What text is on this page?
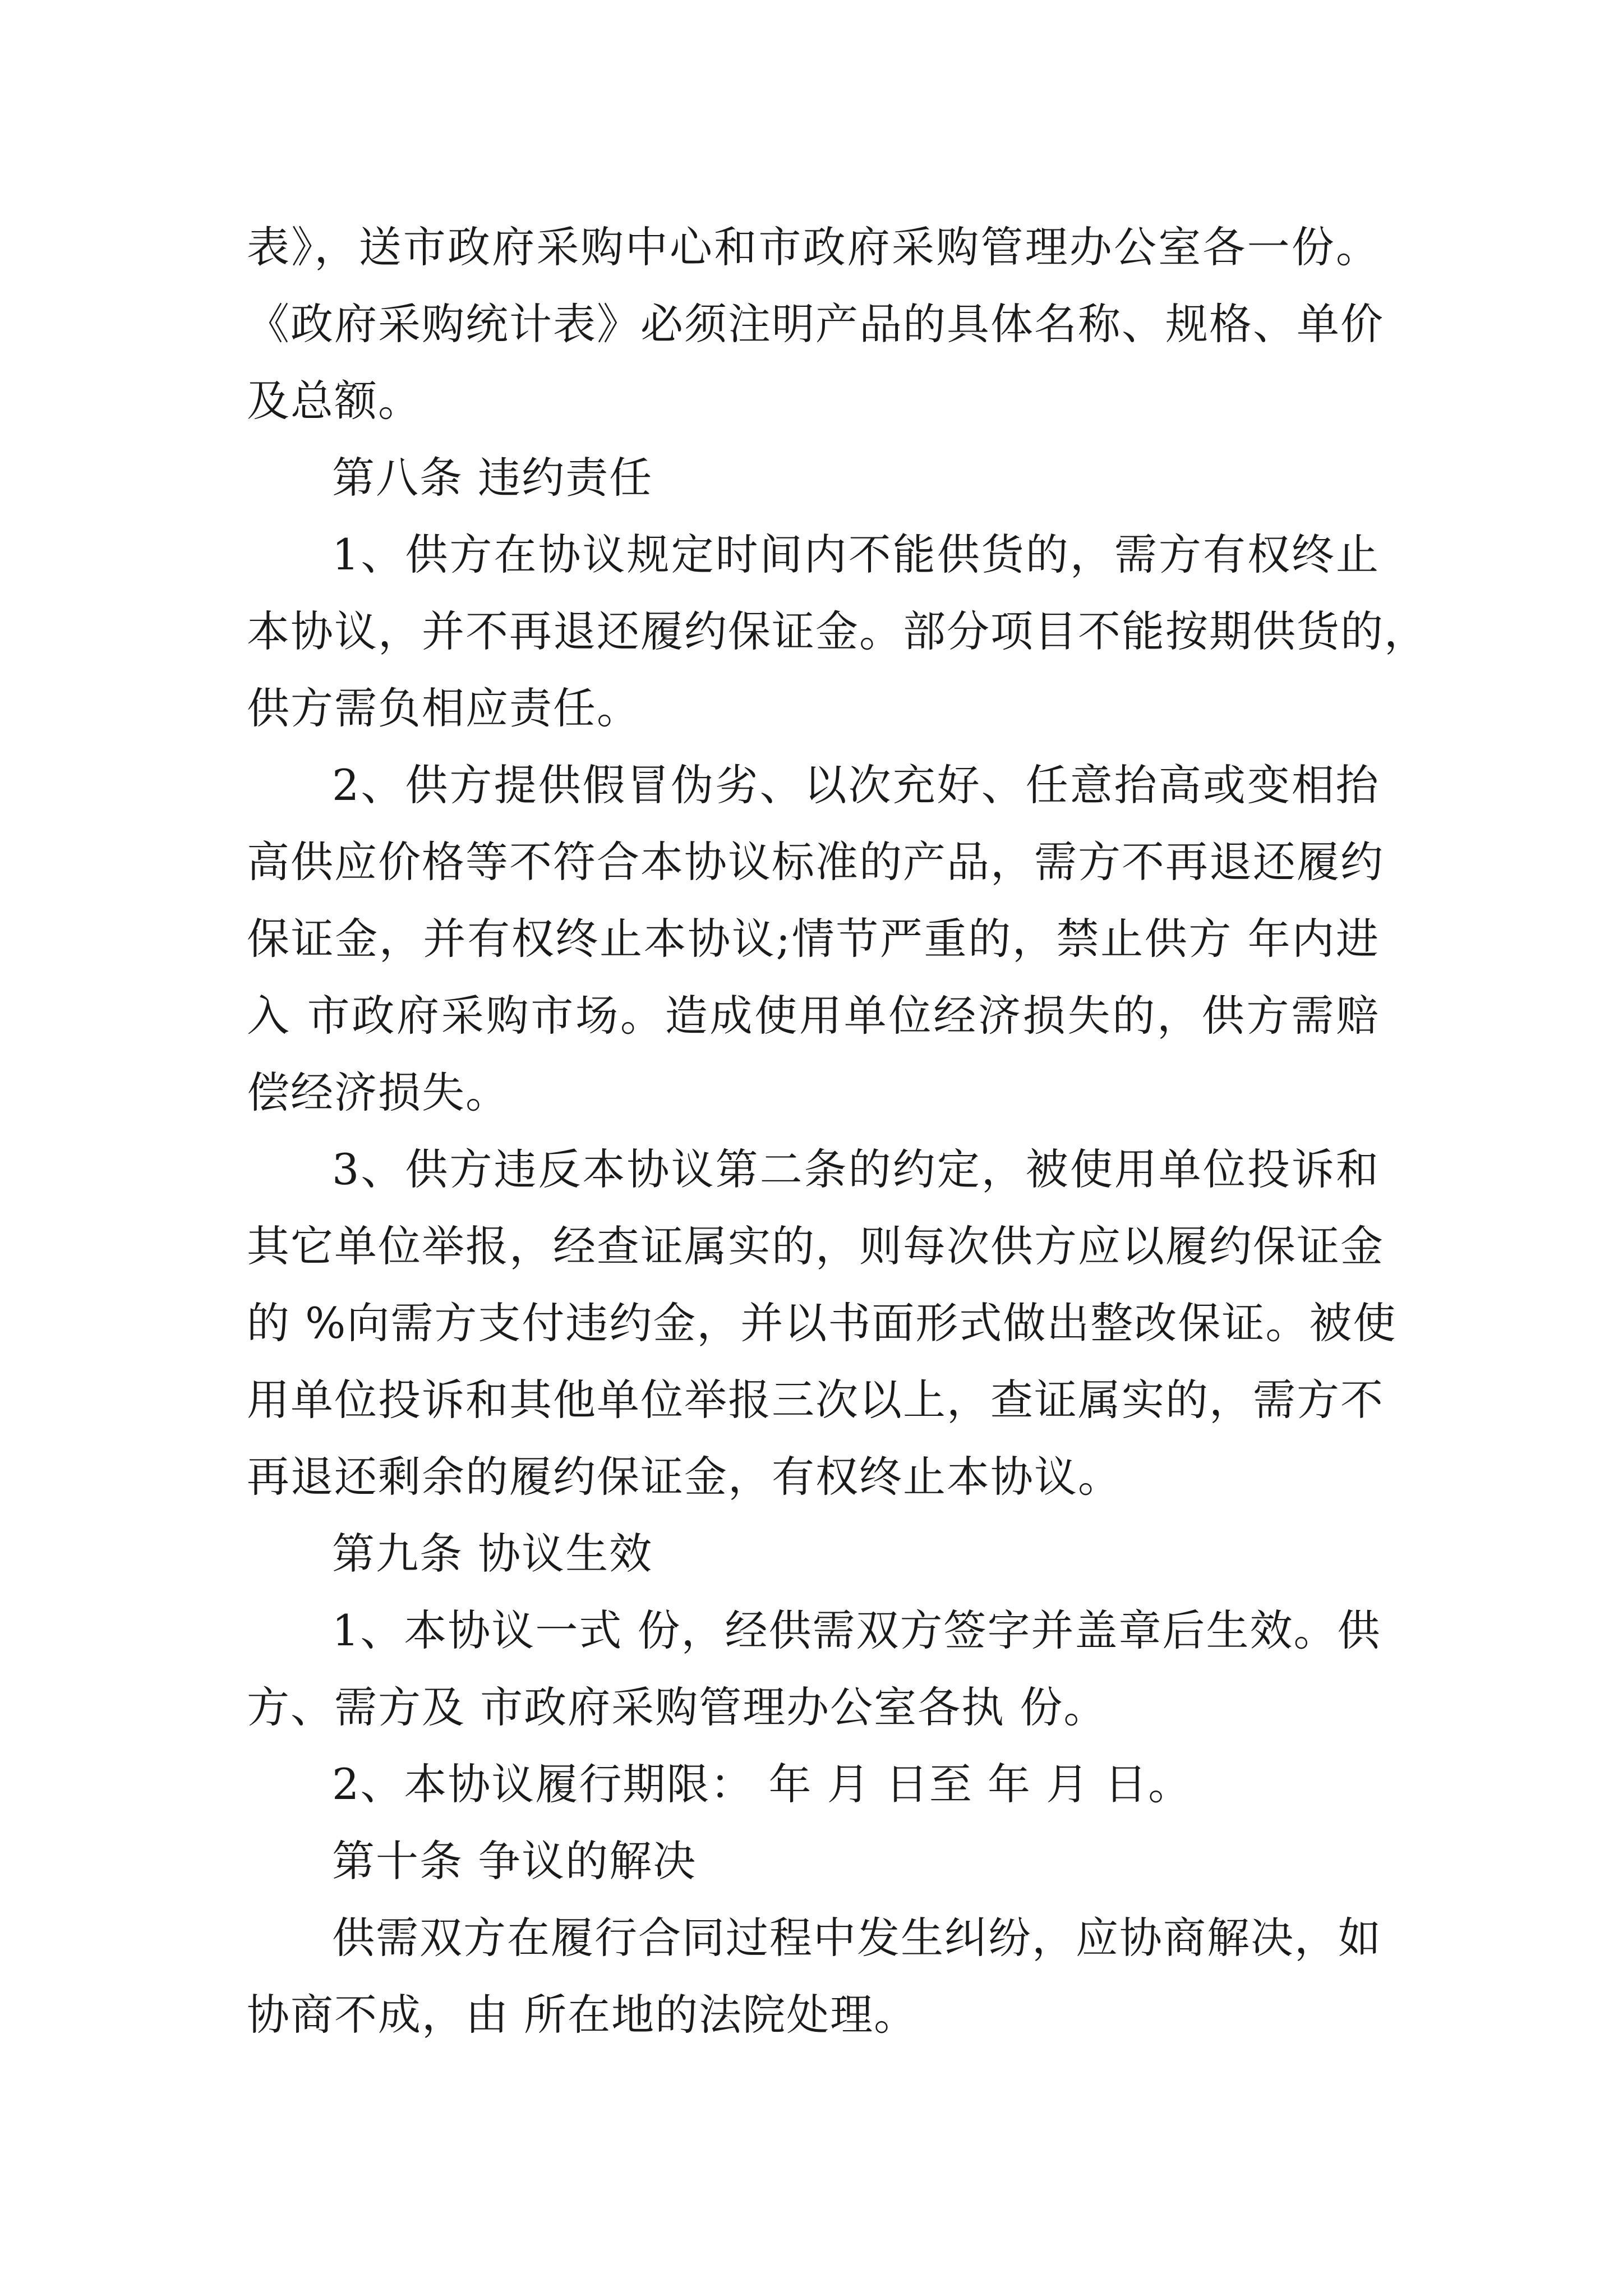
表》，送市政府采购中心和市政府采购管理办公室各一份。
《政府采购统计表》必须注明产品的具体名称、规格、单价
及总额。
第八条 违约责任
1、供方在协议规定时间内不能供货的，需方有权终止
本协议，并不再退还履约保证金。部分项目不能按期供货的，
供方需负相应责任。
2、供方提供假冒伪劣、以次充好、任意抬高或变相抬
高供应价格等不符合本协议标准的产品，需方不再退还履约
保证金，并有权终止本协议;情节严重的，禁止供方 年内进
入 市政府采购市场。造成使用单位经济损失的，供方需赔
偿经济损失。
3、供方违反本协议第二条的约定，被使用单位投诉和
其它单位举报，经查证属实的，则每次供方应以履约保证金
的 %向需方支付违约金，并以书面形式做出整改保证。被使
用单位投诉和其他单位举报三次以上，查证属实的，需方不
再退还剩余的履约保证金，有权终止本协议。
第九条 协议生效
1、本协议一式 份，经供需双方签字并盖章后生效。供
方、需方及 市政府采购管理办公室各执 份。
2、本协议履行期限： 年 月 日至 年 月 日。
第十条 争议的解决
供需双方在履行合同过程中发生纠纷，应协商解决，如
协商不成，由 所在地的法院处理。
